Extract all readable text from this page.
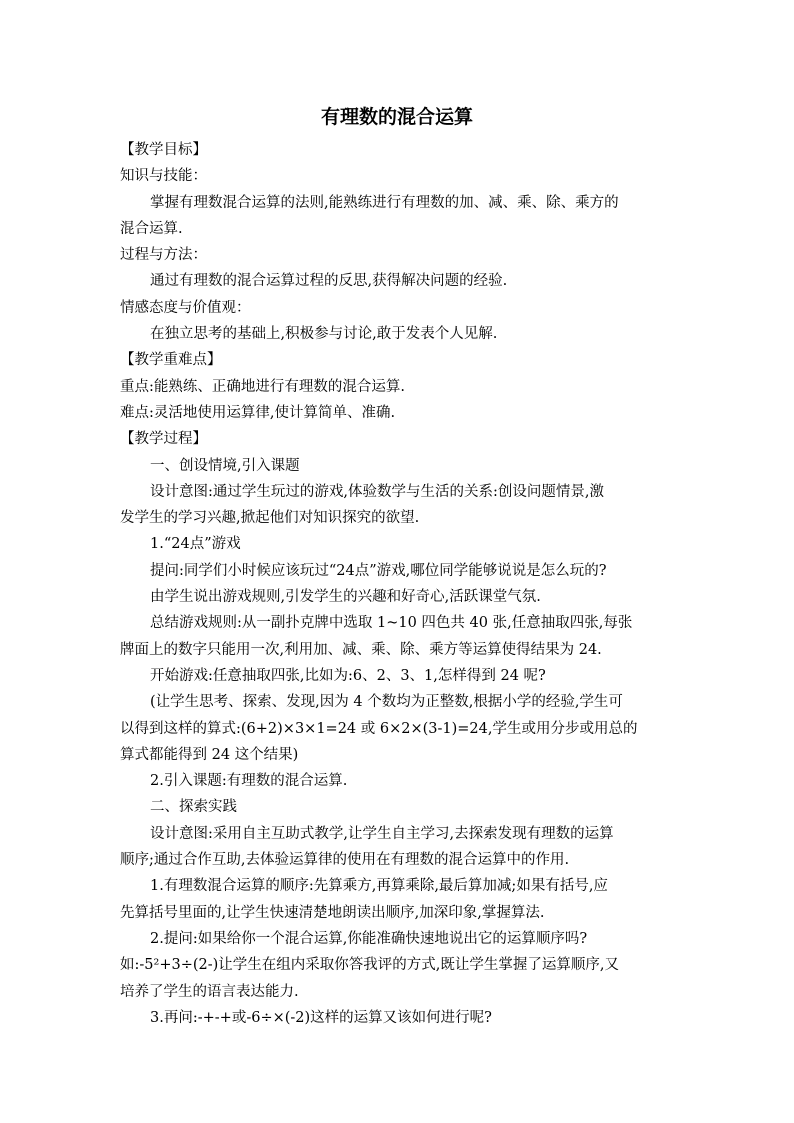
有理数的混合运算
【教学目标】
知识与技能：
掌握有理数混合运算的法则,能熟练进行有理数的加、减、乘、除、乘方的
混合运算.
过程与方法：
通过有理数的混合运算过程的反思,获得解决问题的经验.
情感态度与价值观：
在独立思考的基础上,积极参与讨论,敢于发表个人见解.
【教学重难点】
重点:能熟练、正确地进行有理数的混合运算.
难点:灵活地使用运算律,使计算简单、准确.
【教学过程】
一、创设情境,引入课题
设计意图:通过学生玩过的游戏,体验数学与生活的关系:创设问题情景,激
发学生的学习兴趣,掀起他们对知识探究的欲望.
1.“24点”游戏
提问:同学们小时候应该玩过“24点”游戏,哪位同学能够说说是怎么玩的?
由学生说出游戏规则,引发学生的兴趣和好奇心,活跃课堂气氛.
总结游戏规则:从一副扑克牌中选取 1~10 四色共 40 张,任意抽取四张,每张
牌面上的数字只能用一次,利用加、减、乘、除、乘方等运算使得结果为 24.
开始游戏:任意抽取四张,比如为:6、2、3、1,怎样得到 24 呢?
(让学生思考、探索、发现,因为 4 个数均为正整数,根据小学的经验,学生可
以得到这样的算式:(6+2)×3×1=24 或 6×2×(3-1)=24,学生或用分步或用总的
算式都能得到 24 这个结果)
2.引入课题:有理数的混合运算.
二、探索实践
设计意图:采用自主互助式教学,让学生自主学习,去探索发现有理数的运算
顺序;通过合作互助,去体验运算律的使用在有理数的混合运算中的作用.
1.有理数混合运算的顺序:先算乘方,再算乘除,最后算加减;如果有括号,应
先算括号里面的,让学生快速清楚地朗读出顺序,加深印象,掌握算法.
2.提问:如果给你一个混合运算,你能准确快速地说出它的运算顺序吗?
如:-5²+3÷(2-)让学生在组内采取你答我评的方式,既让学生掌握了运算顺序,又
培养了学生的语言表达能力.
3.再问:-+-+或-6÷×(-2)这样的运算又该如何进行呢?
